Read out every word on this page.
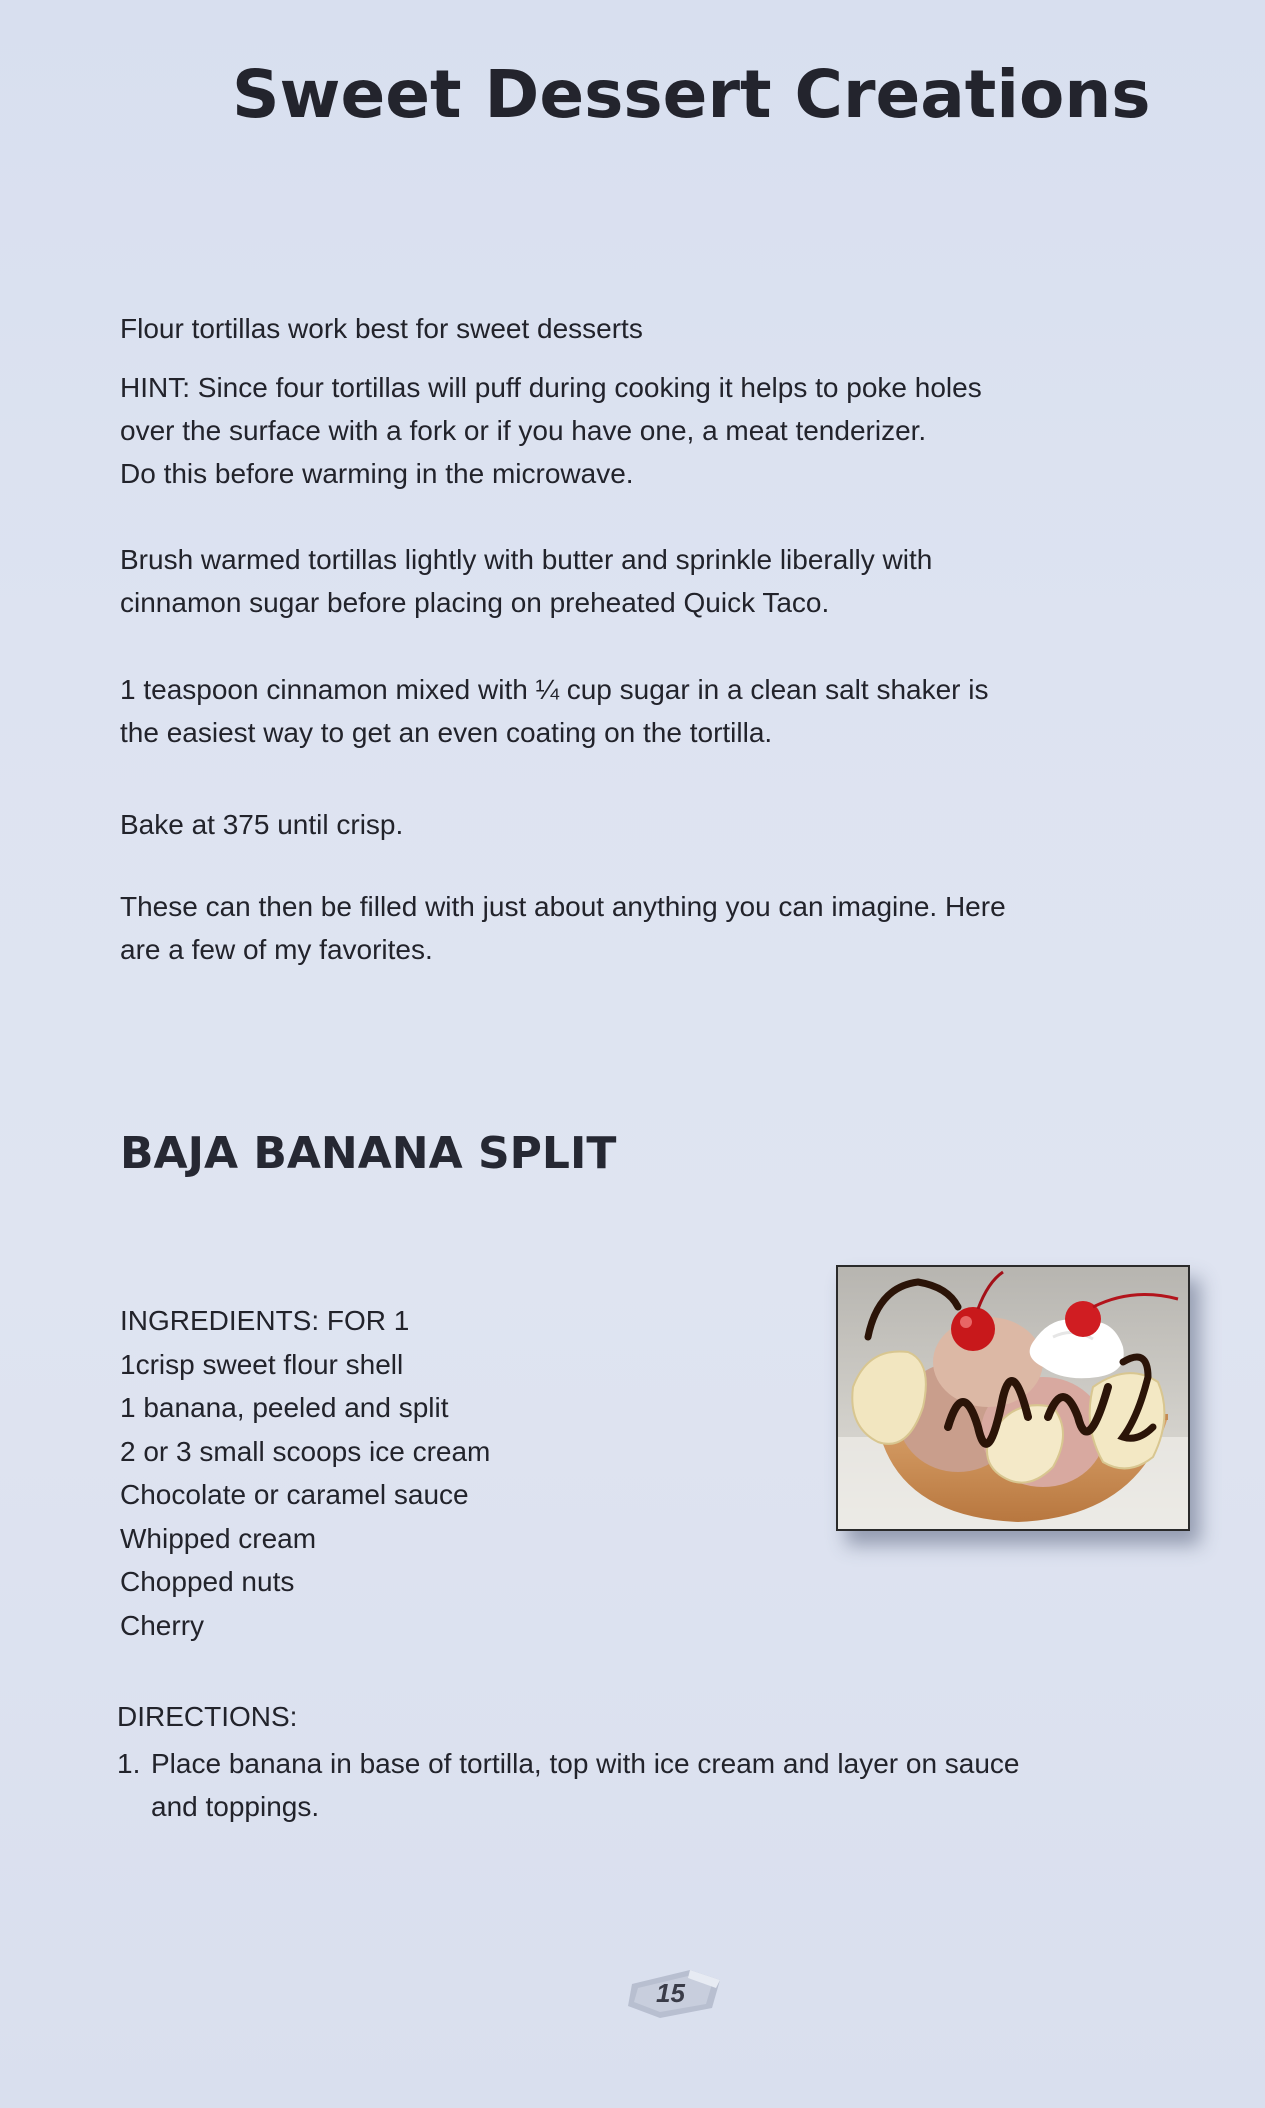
Sweet Dessert Creations

Flour tortillas work best for sweet desserts

HINT: Since four tortillas will puff during cooking it helps to poke holes
over the surface with a fork or if you have one, a meat tenderizer.
Do this before warming in the microwave.

Brush warmed tortillas lightly with butter and sprinkle liberally with
cinnamon sugar before placing on preheated Quick Taco.

1 teaspoon cinnamon mixed with ¼ cup sugar in a clean salt shaker is
the easiest way to get an even coating on the tortilla.

Bake at 375 until crisp.

These can then be filled with just about anything you can imagine. Here
are a few of my favorites.

BAJA BANANA SPLIT
INGREDIENTS: FOR 1
1crisp sweet flour shell
1 banana, peeled and split
2 or 3 small scoops ice cream
Chocolate or caramel sauce
Whipped cream
Chopped nuts
Cherry

DIRECTIONS:

1. Place banana in base of tortilla, top with ice cream and layer on sauce
and toppings.
15
